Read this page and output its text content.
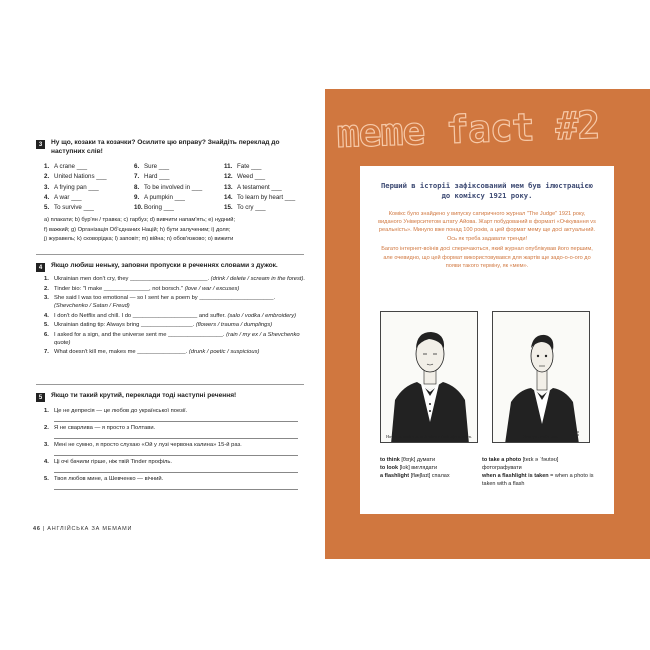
3	Ну що, козаки та козачки? Осилите цю вправу? Знайдіть переклад до наступних слів!
1. A crane ___
2. United Nations ___
3. A frying pan ___
4. A war ___
5. To survive ___
6. Sure ___
7. Hard ___
8. To be involved in ___
9. A pumpkin ___
10.Boring ___
11. Fate ___
12. Weed ___
13. A testament ___
14. To learn by heart ___
15. To cry ___
а) плакати; b) бур'ян / травка; c) гарбуз; d) вивчити напам'ять; e) нудний;
f) важкий; g) Організація Об'єднаних Націй; h) бути залученим; i) доля;
j) журавель; k) сковорідка; l) заповіт; m) війна; n) обов'язково; o) вижити
4	Якщо любиш неньку, заповни пропуски в реченнях словами з дужок.
1. Ukrainian men don't cry, they ________________________. (drink / delete / scream in the forest).
2. Tinder bio: "I make ______________, not borsch." (love / war / excuses)
3. She said I was too emotional — so I sent her a poem by _______________________. (Shevchenko / Satan / Freud)
4. I don't do Netflix and chill. I do ____________________ and suffer. (salo / vodka / embroidery)
5. Ukrainian dating tip: Always bring ________________. (flowers / trauma / dumplings)
6. I asked for a sign, and the universe sent me _________________. (rain / my ex / a Shevchenko quote)
7. What doesn't kill me, makes me _______________. (drunk / poetic / suspicious)
5	Якщо ти такий крутий, переклади тоді наступні речення!
1. Це не депресія — це любов до української поезії.
2. Я не сварлива — я просто з Полтави.
3. Мені не сумно, я просто слухаю «Ой у лузі червона калина» 15-й раз.
4. Ці очі бачили гірше, ніж твій Tinder профіль.
5. Твоя любов мине, а Шевченко — вічний.
46 | АНГЛІЙСЬКА ЗА МЕМАМИ
meme fact #2
Перший в історії зафіксований мем був ілюстрацією до комiксу 1921 року.

Комікс було знайдено у випуску сатиричного журнал "The Judge" 1921 року, виданого Університетом штату Айова. Жарт побудований в форматі «Очікування vs реальність». Минуло вже понад 100 років, а цей формат мему ще досі актуальний. Ось як треба задавати тренди!

Багато інтернет-воїнів досі сперечаються, який журнал опублікував його першим, але очевидно, що цей формат використовувався для жартів ще задо-о-о-ого до появи такого терміну, як «мем».

How you think you look when a flashlight is taken.	How you really look.
to think [θɪŋk] думати
to look [lʊk] виглядати
a flashlight [flæʃlaɪt] спалах
to take a photo [teɪk ə ˈfəʊtəʊ]
фотографувати
when a flashlight is taken = when a photo is taken with a flash
